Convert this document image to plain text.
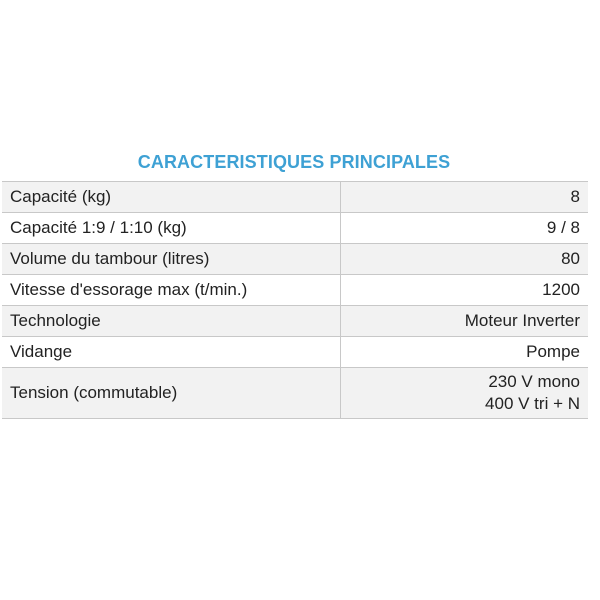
CARACTERISTIQUES PRINCIPALES
Capacité (kg)	8
Capacité 1:9 / 1:10 (kg)	9 / 8
Volume du tambour (litres)	80
Vitesse d'essorage max (t/min.)	1200
Technologie	Moteur Inverter
Vidange	Pompe
Tension (commutable)	230 V mono
400 V tri + N
